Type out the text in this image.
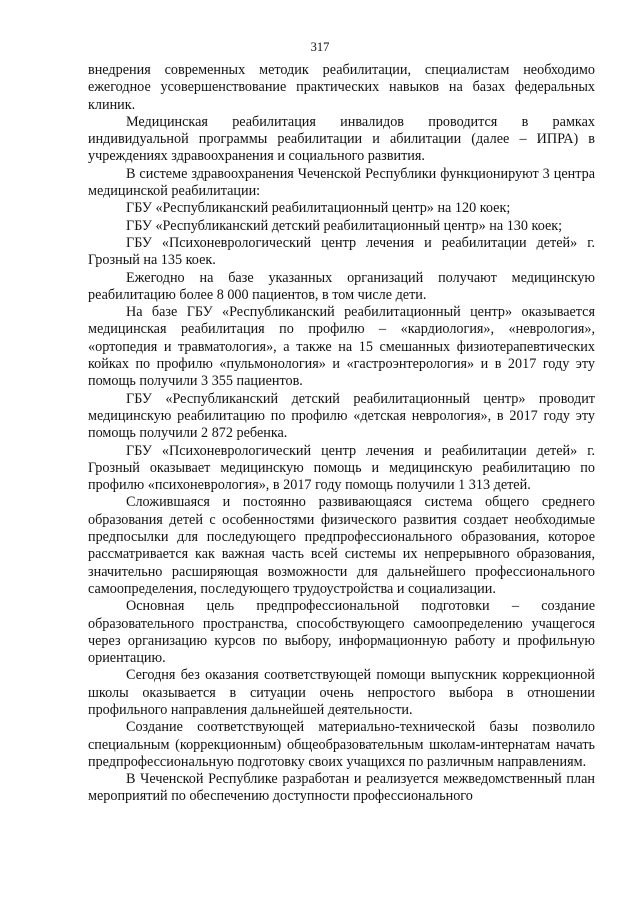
317

внедрения современных методик реабилитации, специалистам необходимо ежегодное усовершенствование практических навыков на базах федеральных клиник.

Медицинская реабилитация инвалидов проводится в рамках индивидуальной программы реабилитации и абилитации (далее – ИПРА) в учреждениях здравоохранения и социального развития.

В системе здравоохранения Чеченской Республики функционируют 3 центра медицинской реабилитации:

ГБУ «Республиканский реабилитационный центр» на 120 коек;

ГБУ «Республиканский детский реабилитационный центр» на 130 коек;

ГБУ «Психоневрологический центр лечения и реабилитации детей» г. Грозный на 135 коек.

Ежегодно на базе указанных организаций получают медицинскую реабилитацию более 8 000 пациентов, в том числе дети.

На базе ГБУ «Республиканский реабилитационный центр» оказывается медицинская реабилитация по профилю – «кардиология», «неврология», «ортопедия и травматология», а также на 15 смешанных физиотерапевтических койках по профилю «пульмонология» и «гастроэнтерология» и в 2017 году эту помощь получили 3 355 пациентов.

ГБУ «Республиканский детский реабилитационный центр» проводит медицинскую реабилитацию по профилю «детская неврология», в 2017 году эту помощь получили 2 872 ребенка.

ГБУ «Психоневрологический центр лечения и реабилитации детей» г. Грозный оказывает медицинскую помощь и медицинскую реабилитацию по профилю «психоневрология», в 2017 году помощь получили 1 313 детей.

Сложившаяся и постоянно развивающаяся система общего среднего образования детей с особенностями физического развития создает необходимые предпосылки для последующего предпрофессионального образования, которое рассматривается как важная часть всей системы их непрерывного образования, значительно расширяющая возможности для дальнейшего профессионального самоопределения, последующего трудоустройства и социализации.

Основная цель предпрофессиональной подготовки – создание образовательного пространства, способствующего самоопределению учащегося через организацию курсов по выбору, информационную работу и профильную ориентацию.

Сегодня без оказания соответствующей помощи выпускник коррекционной школы оказывается в ситуации очень непростого выбора в отношении профильного направления дальнейшей деятельности.

Создание соответствующей материально-технической базы позволило специальным (коррекционным) общеобразовательным школам-интернатам начать предпрофессиональную подготовку своих учащихся по различным направлениям.

В Чеченской Республике разработан и реализуется межведомственный план мероприятий по обеспечению доступности профессионального
